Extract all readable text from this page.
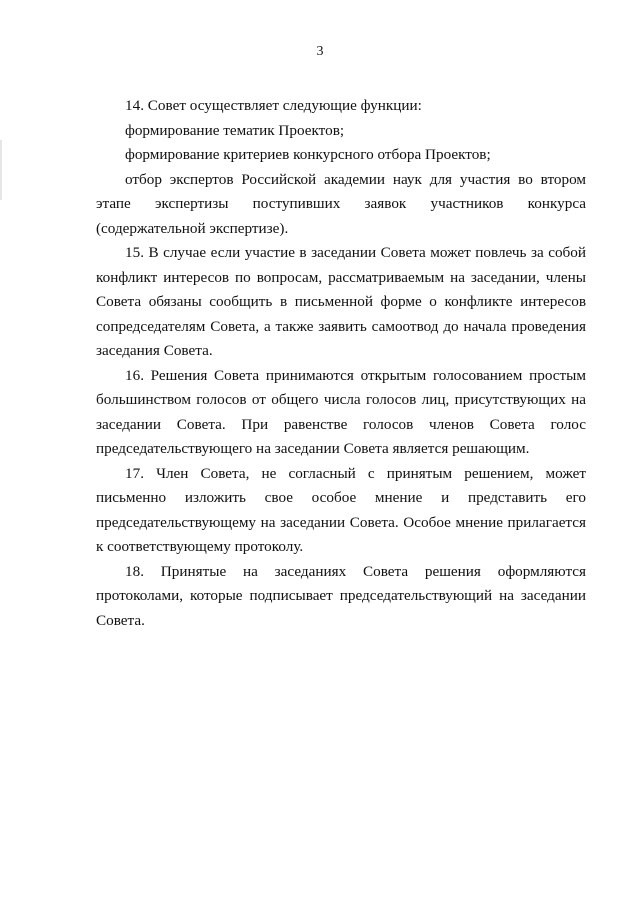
3

14. Совет осуществляет следующие функции:

формирование тематик Проектов;

формирование критериев конкурсного отбора Проектов;

отбор экспертов Российской академии наук для участия во втором этапе экспертизы поступивших заявок участников конкурса (содержательной экспертизе).

15. В случае если участие в заседании Совета может повлечь за собой конфликт интересов по вопросам, рассматриваемым на заседании, члены Совета обязаны сообщить в письменной форме о конфликте интересов сопредседателям Совета, а также заявить самоотвод до начала проведения заседания Совета.

16. Решения Совета принимаются открытым голосованием простым большинством голосов от общего числа голосов лиц, присутствующих на заседании Совета. При равенстве голосов членов Совета голос председательствующего на заседании Совета является решающим.

17. Член Совета, не согласный с принятым решением, может письменно изложить свое особое мнение и представить его председательствующему на заседании Совета. Особое мнение прилагается к соответствующему протоколу.

18. Принятые на заседаниях Совета решения оформляются протоколами, которые подписывает председательствующий на заседании Совета.
